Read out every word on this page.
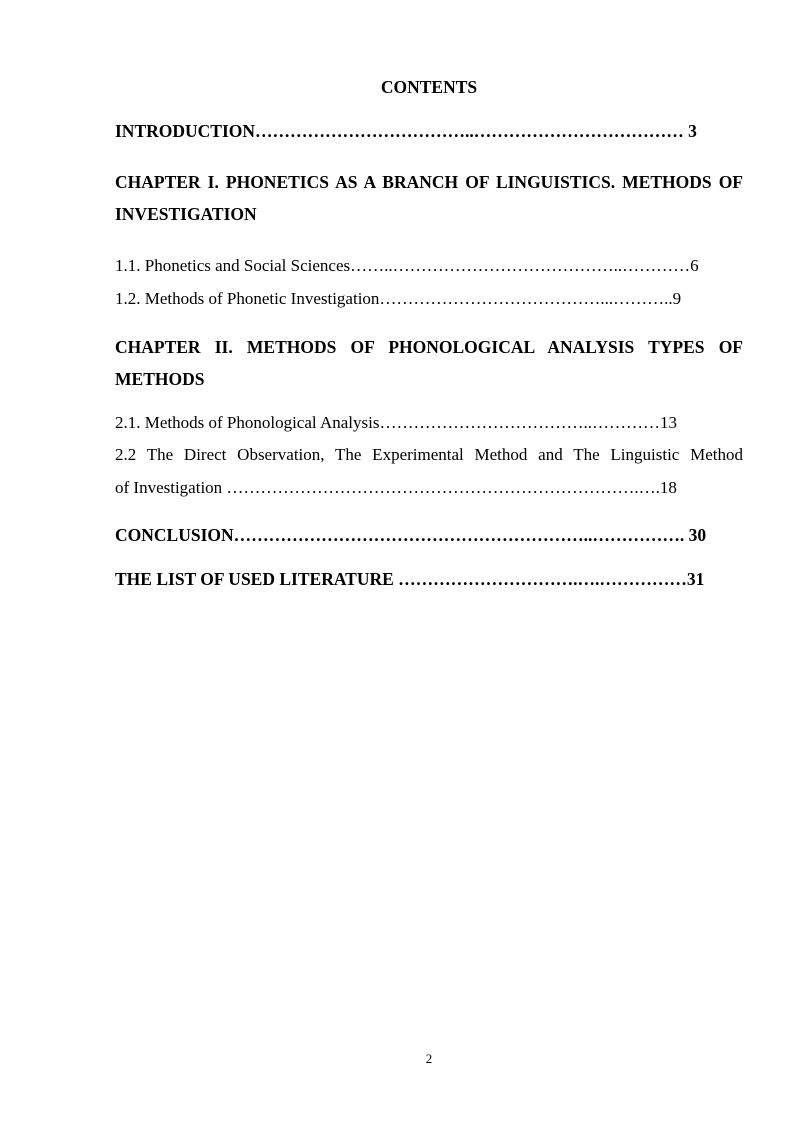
CONTENTS
INTRODUCTION………………………………..……………………………… 3
CHAPTER I. PHONETICS AS A BRANCH OF LINGUISTICS. METHODS OF INVESTIGATION
1.1. Phonetics and Social Sciences……..…………………………………..…………6
1.2. Methods of Phonetic Investigation…………………………………...………..9
CHAPTER II. METHODS OF PHONOLOGICAL ANALYSIS TYPES OF METHODS
2.1. Methods of Phonological Analysis………………………………..…………13
2.2 The Direct Observation, The Experimental Method and The Linguistic Method
of Investigation ……………………………………………………………….….18
CONCLUSION……………………………………………………..……………. 30
THE LIST OF USED LITERATURE ………………………….….……………31
2
